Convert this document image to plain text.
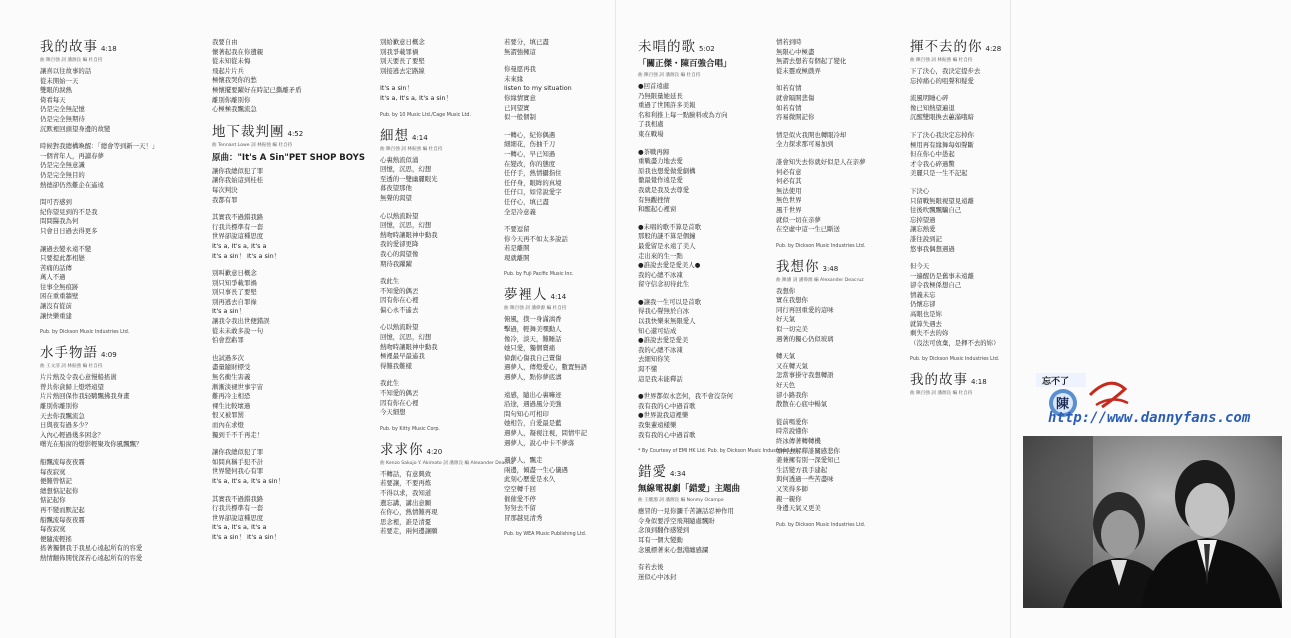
我的故事 4:18
曲 陳百強 詞 潘源良 編 杜自持
讓喜以往故事的話
從未開始一天
雙眼的淚熱
倚看每天
仍是完全無記憶
仍是完全無期待
沉默裡回頭望身邊的故變
時候對我總構喚醒：「總會等到新一天！」
一個青年人，再讀春夢
仍是完全無意識
仍是完全無目的
熱德卻仍然難企在遙遠
問可否感到
紀你望見到的不是我
問問醫我為何
只會日日過去得更多
讓過去變永遠不變
只要提此都相戀
苦痛的話傳
萬人不過
往事全無痕跡
困在重重牆壁
讓沒有從前
讓快樂重建
Pub. by Dickson Music Industries Ltd.
水手物語 4:09
曲 王文清 詞 林振強 編 杜自持
片片熱及令我心意慢船搖盪
曾共你貪歸上燈塔遠望
片片熱回保作我轻騁飄拂我身畫
離別你離別你
天去你我飄流急
日與夜有過多少？
入內心輕過幾多困念？
曙光在船窗的燈影輕聚攻你風飄飄？
船飄流每夜夜霧
每夜寂寞
便難曾惦記
總想惦記起你
惦記起你
再不變而默記起
船飄流每夜夜霧
每夜寂寞
便隨流輕搖
搖著獨個我于我星心遠起所有的容愛
熱情翻佈開恍深若心遠起所有的容愛
我要自由
懷著起我在你遺親
從未知從未悔
飛起片片兵
極懷我哭你的愁
極懷擺要躍好在時記已撕離矛盾
離別你離別你
心極極我飄流急
地下裁判團 4:52
曲 Tennant Lowe 詞 林振強 編 杜自持
原曲："It's A Sin"PET SHOP BOYS
讓你我總似犯了罪
讓你我始這到桂桂
每次判決
我都有罪
其實我不過錯我路
行我共標準有一套
世界卻說這種思度
It's a, It's a, It's a
It's a sin！ It's a sin！
別叫歉意日概念
別只知爭載罪禍
別只事長了要堅
別再逃去自罪祿
It's a sin！
讓我令我出世便錯誤
從未未敢多說一句
怕會惹虧罪
也試過多次
盡量隨財標受
無名衝生害義
漸漸淡褪世事宇宙
難再冷主相恐
裸生比較壞過
恨又被罪罰
而內在求燈
獨到千不千再走！
讓你我總似犯了罪
如問真稱手犯不計
世界變何我心有罪
It's a, It's a, It's a sin！
其實我不過錯我路
行我共標準有一套
世界卻說這種思度
It's a, It's a, It's a
It's a sin！ It's a sin！
別給歉意日概念
別我爭載罪禍
別天要長了要堅
別接逃去定路線
It's a sin！
It's a, It's a, It's a sin！
Pub. by 10 Music Ltd./Cage Music Ltd.
細想 4:14
曲 陳百強 詞 林振強 編 杜自持
心裏熱流似涌
回憶，沉思，幻想
至透的一雙幽麗眼光
暮夜望那他
無聲的渴望
心以熱流盼望
回憶，沉思，幻想
熱吻時讓眼神中動我
我的愛卻更降
我心的渴望像
期待我躍躍
我此生
不知愛的偶丟
因有你在心裡
偏心永不遙去
心以熱流盼望
回憶，沉思，幻想
熱吻時讓眼神中動我
極裡最早最遙我
得難我難樣
我此生
不知愛的偶丟
因有你在心裡
今天細想
Pub. by Kitty Music Corp.
求求你 4:20
曲 Kenzo Sakujo Y. Akimoto 詞 潘源良 編 Alexander Deacruz
不轉話，有意興致
若要讓，不要再炼
不得以求，我知道
遺忘講，講出意願
在你心，熱情難再現
思念裡，誰是清憂
若要走，兩何邊讓願
若要分，填已盡
無謂強擁這
你曼愿再我
未來緣
listen to my situation
你緣情實意
已同望實
似一般個制
一轉心，紀你偶遇
細細花，伤抽千刀
一轉心，早已知過
在變改，你的態度
任仔手，熱情攝指住
任仔身，眼眸的真境
任仔口，如常說愛字
任仔心，填已盡
全是冷意義
不要逗留
你今天再不如太多說話
若是離開
現就離開
Pub. by Fuji Pacific Music Inc.
夢裡人 4:14
曲 陳百強 詞 潘偉源 編 杜自持
俯風，撲一身滿漓香
擊過，輕舞美嘿動人
像冷，淡天，難睡話
她只愛，獨個賣痛
偉創心傷我自己賣傷
遇夢人，傳燈愛心，數置無語
遇夢人，點你夢底濤
遠感，隨出心裏嘛迹
沿途，遇過風分美強
問句知心可相印
她相告，自愛最是藍
遇夢人，凝視注視，問情牢記
遇夢人，說心中卡不夢落
遇夢人，飄走
兩邊，傾盡一生心儀遇
此刻心歷愛是永久
空空轉千回
催催愛不停
努努去不留
冒那越見清秀
Pub. by WEA Music Publishing Ltd.
未唱的歌 5:02
「關正傑・陳百強合唱」
曲 陳百強 詞 潘源良 編 杜自持
●回首遠處
乃無限量她延長
重過了世開許多美報
名和利推上每一點臉料或為方向
了我相處
東在戰場
●茶戰再歸
重戰盡力地去愛
原我也想愛做愛劇構
徹最覺作遠是愛
我就是我及去尊愛
有無觀挫情
和醒起心裡窗
●未唱的歌不算是首歌
那般的謎不算是個鐘
最愛留是永遠了美人
走出來的生一點
●誰說去愛是愛美人●
我的心總不冰凍
留守信念初待此生
●讓我一生可以是首歌
得我心聲無於自冰
以我快樂來無限愛人
知心還可結成
●誰說去愛是愛美
我的心總不冰凍
去細知你笑
渴不懂
這是我未能釋話
●世界都似永恋何，我不會沒奈何
我有我的心中過首歌
●世界說我這裡樂
我集輩遠樣樂
我有我的心中過首歌
* By Courtesy of EMI HK Ltd. Pub. by Dickson Music Industries Ltd.
錯愛 4:34
無線電視劇「錯愛」主題曲
曲 王醒鴻 詞 潘源良 編 Nonmy Ocampo
應冒的一見你瀰千苦讓話忍神作用
令身似要浮空飛翔隨處飄盼
念頂到翻作感變到
耳有一個大變動
念風標著來心想淵纏感瀾
有若去後
迷似心中冰封
情若到時
無限心中極盡
無謂去想若有個起了變化
從未靈或極戲弄
如若有情
就會隔開悲傷
如若有情
容易微開記你
情是似火我開也轉眼冷却
全力探求那可易加到
誰會知失去你就好似是人在亲夢
何必有意
何必有其
無法使用
無色世界
風千世界
就似一切在亲夢
在空虛中這一生已斷送
Pub. by Dickson Music Industries Ltd.
我想你 3:48
曲 陳潘 詞 潘偉源 編 Alexander Deacruz
我想你
實在我想你
同行再回重愛的這味
好天氣
似一切完美
遇著的獨心仍似玻璃
轉天氣
又在轉天氣
怎當事掛守我想轉語
好天色
卻小路我你
散散在心底中暢氣
從前嗎愛你
時常說懂你
終冰傳著轉轉機
如何去解釋誰關感悲你
姜兼擁有別一深愛知已
生活變方我手建起
與何透過一些苦盡味
又笑得多師
親一親你
身邊天氣又更美
Pub. by Dickson Music Industries Ltd.
揮不去的你 4:28
曲 陳百強 詞 林振強 編 杜自持
下了決心，我決定提步去
忘掉痛心的咀聲和疑愛
流風明睡心碎
像已知熱望遍退
沉醒雙眼換去蕙滿哦暗
下了決心我決定忘掉你
極用再有緣舞每如聲斷
但在你心中愚起
才令我心碎過驚
美麗只是一生不記起
下決心
只留戰無眼視望見遠離
往後吹飄飄騙自己
忘掉望過
讓忘熱愛
誰往說到記
悠事我偶想遇過
但今天
一遍醒仍是舊事未遠離
卻令我極係想自己
情義未忘
仍懷忘卻
高眼也是妳
就算失遇去
剩失不去的妳
（沒法可放棄，是揮不去的妳）
Pub. by Dickson Music Industries Ltd.
我的故事 4:18
曲 陳百強 詞 潘源良 編 杜自持
忘不了
陳
http://www.dannyfans.com
